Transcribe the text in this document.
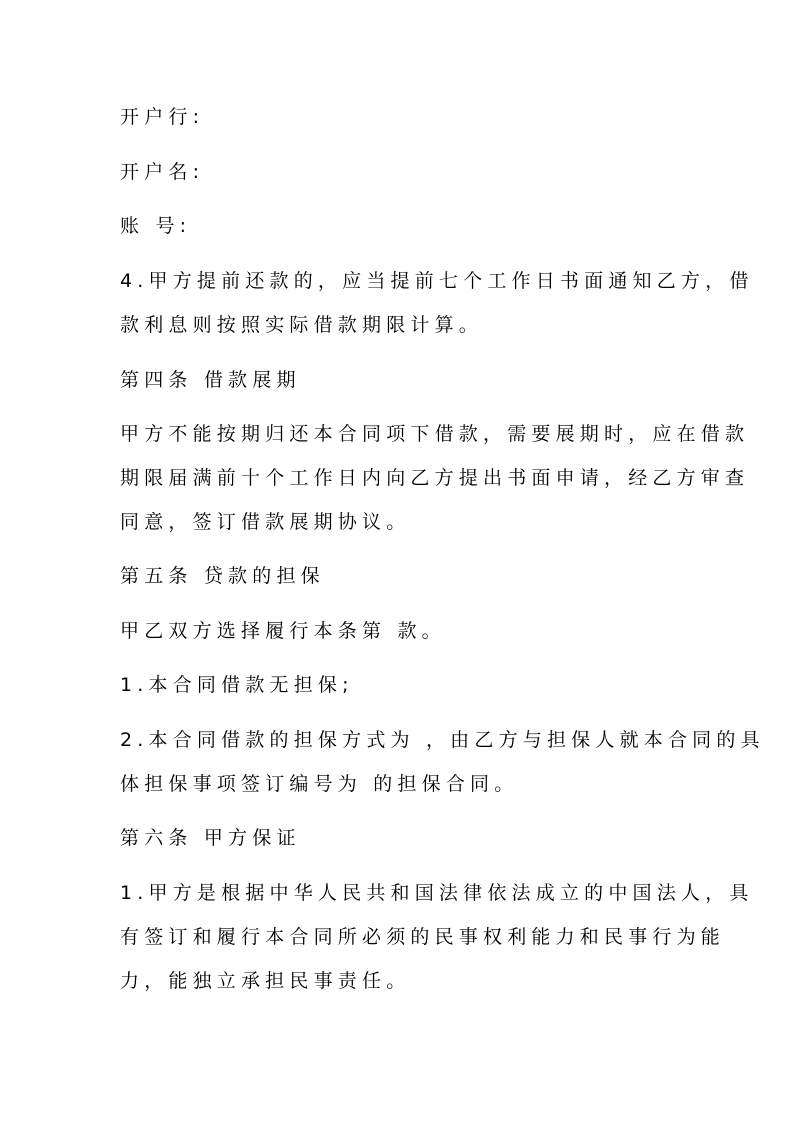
开户行:
开户名:
账 号:
4.甲方提前还款的，应当提前七个工作日书面通知乙方，借
款利息则按照实际借款期限计算。
第四条 借款展期
甲方不能按期归还本合同项下借款，需要展期时，应在借款
期限届满前十个工作日内向乙方提出书面申请，经乙方审查
同意，签订借款展期协议。
第五条 贷款的担保
甲乙双方选择履行本条第 款。
1.本合同借款无担保;
2.本合同借款的担保方式为 ，由乙方与担保人就本合同的具
体担保事项签订编号为 的担保合同。
第六条 甲方保证
1.甲方是根据中华人民共和国法律依法成立的中国法人，具
有签订和履行本合同所必须的民事权利能力和民事行为能
力，能独立承担民事责任。
